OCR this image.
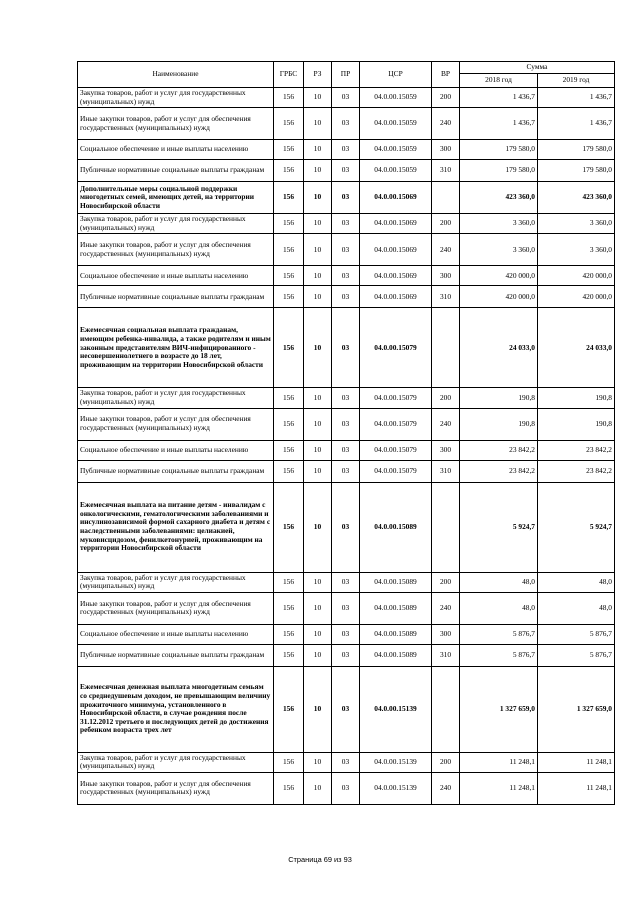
Наименование	ГРБС	РЗ	ПР	ЦСР	ВР	Сумма	
						2018 год	2019 год
Закупка товаров, работ и услуг для государственных (муниципальных) нужд	156	10	03	04.0.00.15059	200	1 436,7	1 436,7
Иные закупки товаров, работ и услуг для обеспечения государственных (муниципальных) нужд	156	10	03	04.0.00.15059	240	1 436,7	1 436,7
Социальное обеспечение и иные выплаты населению	156	10	03	04.0.00.15059	300	179 580,0	179 580,0
Публичные нормативные социальные выплаты гражданам	156	10	03	04.0.00.15059	310	179 580,0	179 580,0
Дополнительные меры социальной поддержки многодетных семей, имеющих детей, на территории Новосибирской области	156	10	03	04.0.00.15069		423 360,0	423 360,0
Закупка товаров, работ и услуг для государственных (муниципальных) нужд	156	10	03	04.0.00.15069	200	3 360,0	3 360,0
Иные закупки товаров, работ и услуг для обеспечения государственных (муниципальных) нужд	156	10	03	04.0.00.15069	240	3 360,0	3 360,0
Социальное обеспечение и иные выплаты населению	156	10	03	04.0.00.15069	300	420 000,0	420 000,0
Публичные нормативные социальные выплаты гражданам	156	10	03	04.0.00.15069	310	420 000,0	420 000,0
Ежемесячная социальная выплата гражданам, имеющим ребенка-инвалида, а также родителям и иным законным представителям ВИЧ-инфицированного - несовершеннолетнего в возрасте до 18 лет, проживающим на территории Новосибирской области	156	10	03	04.0.00.15079		24 033,0	24 033,0
Закупка товаров, работ и услуг для государственных (муниципальных) нужд	156	10	03	04.0.00.15079	200	190,8	190,8
Иные закупки товаров, работ и услуг для обеспечения государственных (муниципальных) нужд	156	10	03	04.0.00.15079	240	190,8	190,8
Социальное обеспечение и иные выплаты населению	156	10	03	04.0.00.15079	300	23 842,2	23 842,2
Публичные нормативные социальные выплаты гражданам	156	10	03	04.0.00.15079	310	23 842,2	23 842,2
Ежемесячная выплата на питание детям - инвалидам с онкологическими, гематологическими заболеваниями и инсулинозависимой формой сахарного диабета и детям с наследственными заболеваниями: целиакией, муковисцидозом, фенилкетонурией, проживающим на территории Новосибирской области	156	10	03	04.0.00.15089		5 924,7	5 924,7
Закупка товаров, работ и услуг для государственных (муниципальных) нужд	156	10	03	04.0.00.15089	200	48,0	48,0
Иные закупки товаров, работ и услуг для обеспечения государственных (муниципальных) нужд	156	10	03	04.0.00.15089	240	48,0	48,0
Социальное обеспечение и иные выплаты населению	156	10	03	04.0.00.15089	300	5 876,7	5 876,7
Публичные нормативные социальные выплаты гражданам	156	10	03	04.0.00.15089	310	5 876,7	5 876,7
Ежемесячная денежная выплата многодетным семьям со среднедушевым доходом, не превышающим величину прожиточного минимума, установленного в Новосибирской области, в случае рождения после 31.12.2012 третьего и последующих детей до достижения ребенком возраста трех лет	156	10	03	04.0.00.15139		1 327 659,0	1 327 659,0
Закупка товаров, работ и услуг для государственных (муниципальных) нужд	156	10	03	04.0.00.15139	200	11 248,1	11 248,1
Иные закупки товаров, работ и услуг для обеспечения государственных (муниципальных) нужд	156	10	03	04.0.00.15139	240	11 248,1	11 248,1
Страница 69 из 93
